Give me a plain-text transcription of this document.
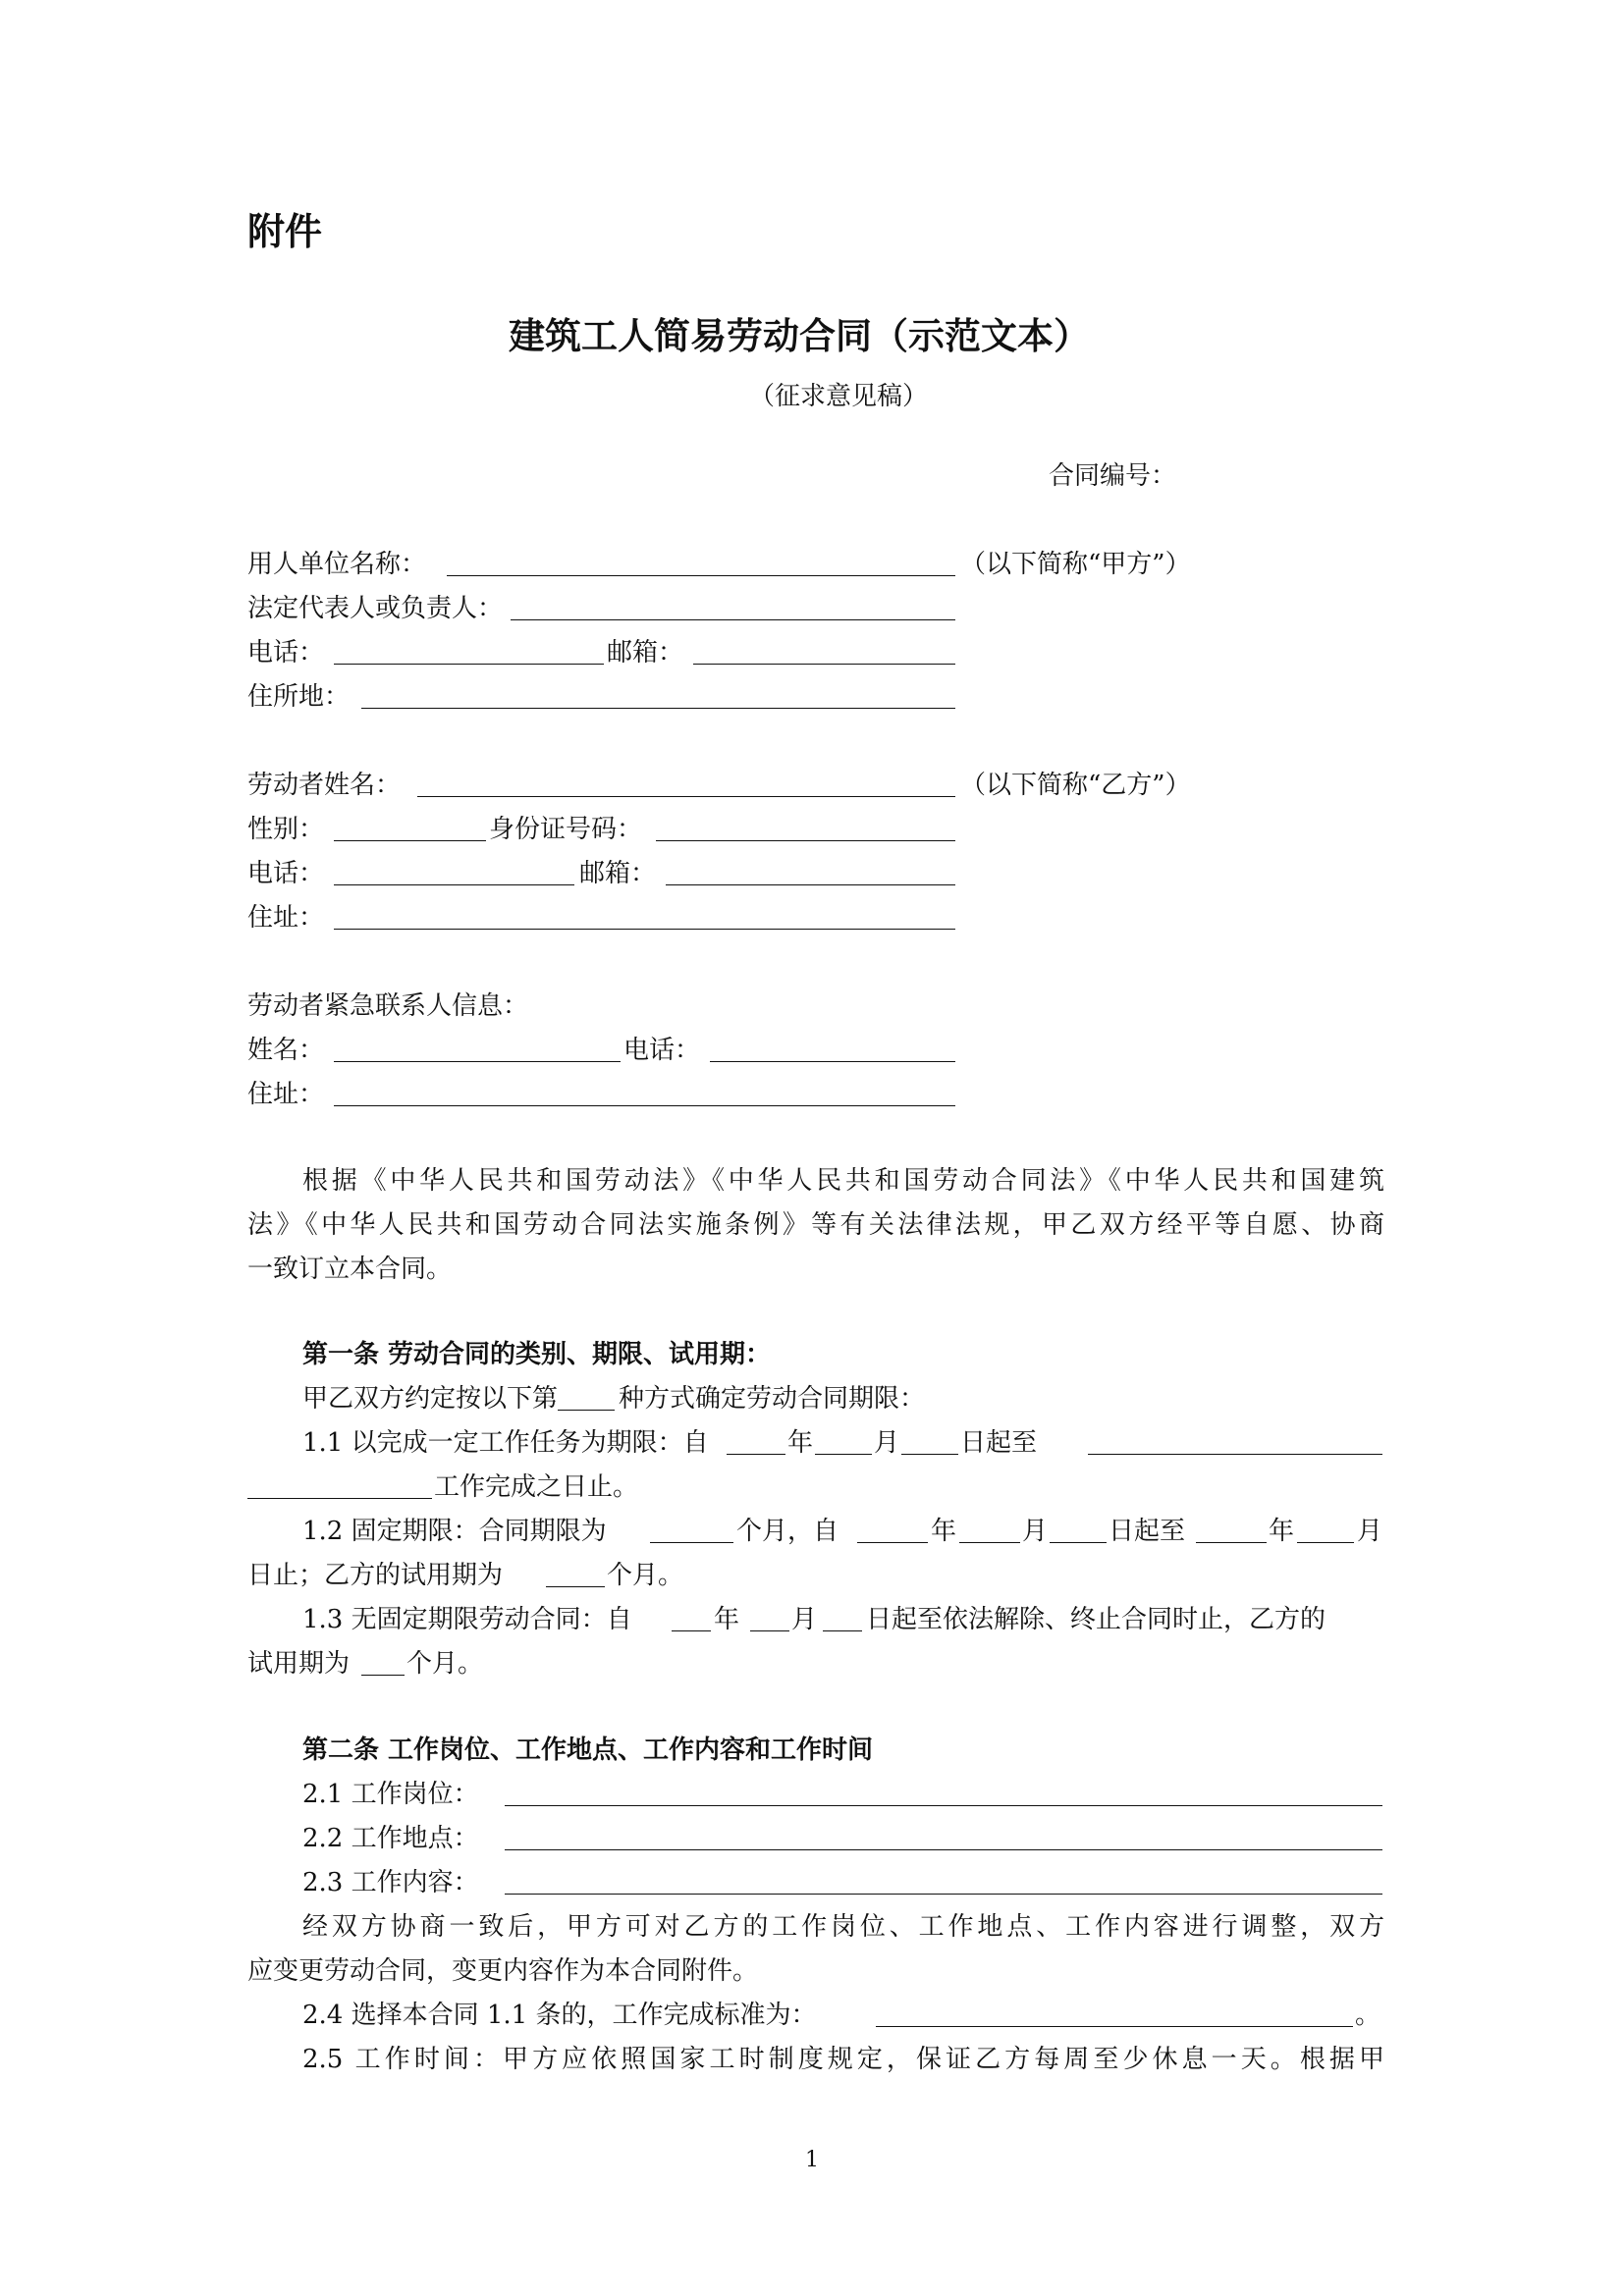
附件
建筑工人简易劳动合同（示范文本）
（征求意见稿）
合同编号：
用人单位名称：	（以下简称“甲方”）
法定代表人或负责人：
电话：	邮箱：
住所地：
劳动者姓名：	（以下简称“乙方”）
性别：	身份证号码：
电话：	邮箱：
住址：
劳动者紧急联系人信息：
姓名：	电话：
住址：
根据《中华人民共和国劳动法》《中华人民共和国劳动合同法》《中华人民共和国建筑
法》《中华人民共和国劳动合同法实施条例》等有关法律法规，甲乙双方经平等自愿、协商
一致订立本合同。
第一条 劳动合同的类别、期限、试用期：
甲乙双方约定按以下第 种方式确定劳动合同期限：
1.1 以完成一定工作任务为期限：自	年 月 日起至
工作完成之日止。
1.2 固定期限：合同期限为	个月，自	年	月 日起至	年 月
日止；乙方的试用期为	个月。
1.3 无固定期限劳动合同：自	年 月 日起至依法解除、终止合同时止，乙方的
试用期为 个月。
第二条 工作岗位、工作地点、工作内容和工作时间
2.1 工作岗位：
2.2 工作地点：
2.3 工作内容：
经双方协商一致后，甲方可对乙方的工作岗位、工作地点、工作内容进行调整，双方
应变更劳动合同，变更内容作为本合同附件。
2.4 选择本合同 1.1 条的，工作完成标准为：	。
2.5 工作时间：甲方应依照国家工时制度规定，保证乙方每周至少休息一天。根据甲
1
